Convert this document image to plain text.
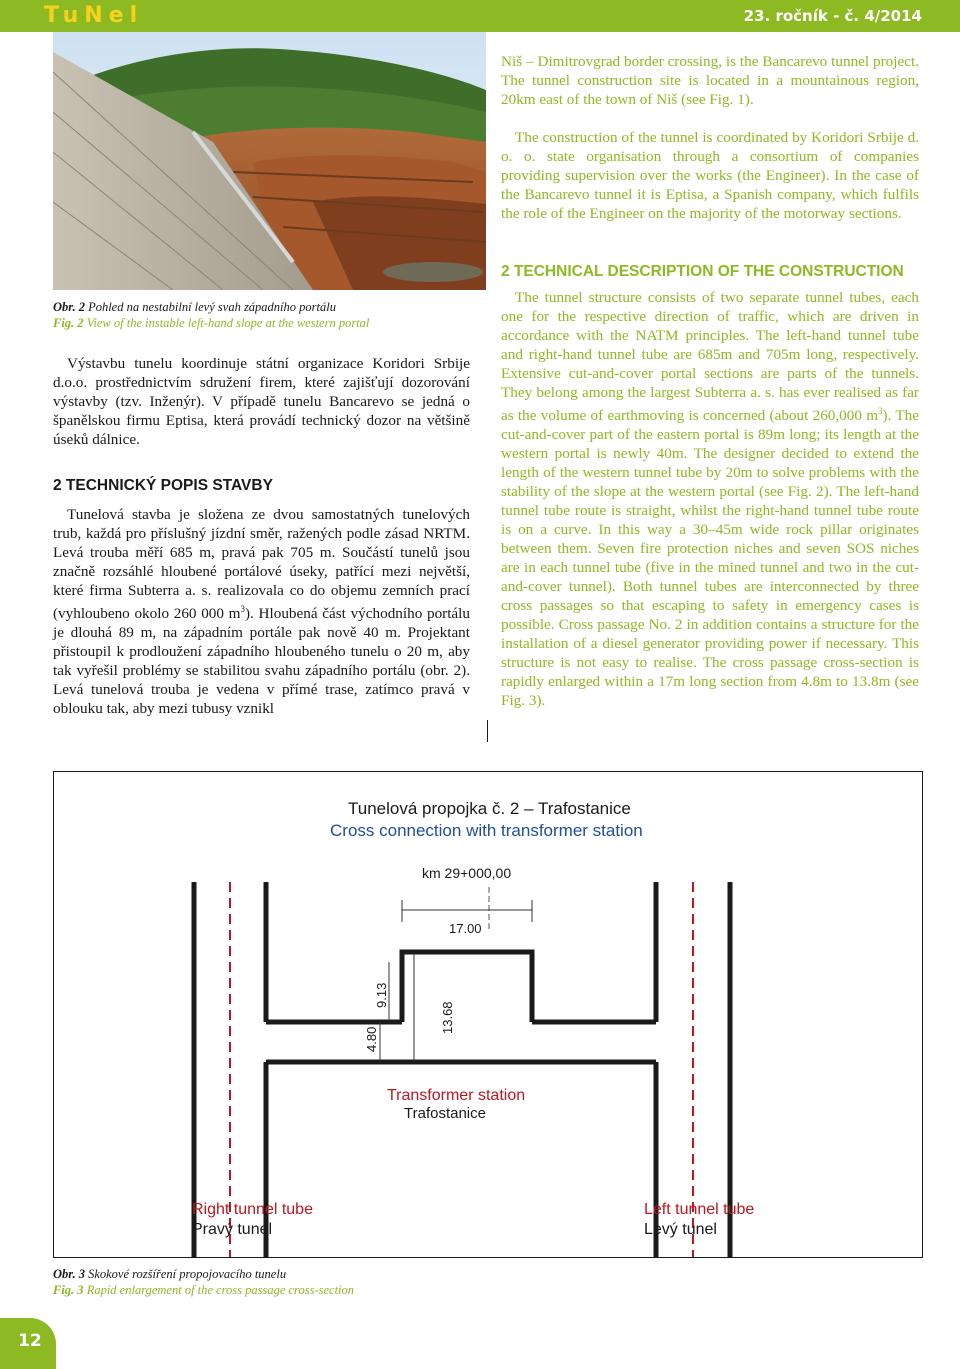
TuNel	23. ročník - č. 4/2014
Obr. 2 Pohled na nestabilní levý svah západního portálu
Fig. 2 View of the instable left-hand slope at the western portal

Výstavbu tunelu koordinuje státní organizace Koridori Srbije d.o.o. prostřednictvím sdružení firem, které zajišťují dozorování výstavby (tzv. Inženýr). V případě tunelu Bancarevo se jedná o španělskou firmu Eptisa, která provádí technický dozor na většině úseků dálnice.

2 TECHNICKÝ POPIS STAVBY

Tunelová stavba je složena ze dvou samostatných tunelových trub, každá pro příslušný jízdní směr, ražených podle zásad NRTM. Levá trouba měří 685 m, pravá pak 705 m. Součástí tunelů jsou značně rozsáhlé hloubené portálové úseky, patřící mezi největší, které firma Subterra a. s. realizovala co do objemu zemních prací (vyhloubeno okolo 260 000 $m^3$). Hloubená část východního portálu je dlouhá 89 m, na západním portále pak nově 40 m. Projektant přistoupil k prodloužení západního hloubeného tunelu o 20 m, aby tak vyřešil problémy se stabilitou svahu západního portálu (obr. 2). Levá tunelová trouba je vedena v přímé trase, zatímco pravá v oblouku tak, aby mezi tubusy vznikl

Niš – Dimitrovgrad border crossing, is the Bancarevo tunnel project. The tunnel construction site is located in a mountainous region, 20km east of the town of Niš (see Fig. 1).

The construction of the tunnel is coordinated by Koridori Srbije d. o. o. state organisation through a consortium of companies providing supervision over the works (the Engineer). In the case of the Bancarevo tunnel it is Eptisa, a Spanish company, which fulfils the role of the Engineer on the majority of the motorway sections.

2 TECHNICAL DESCRIPTION OF THE CONSTRUCTION

The tunnel structure consists of two separate tunnel tubes, each one for the respective direction of traffic, which are driven in accordance with the NATM principles. The left-hand tunnel tube and right-hand tunnel tube are 685m and 705m long, respectively. Extensive cut-and-cover portal sections are parts of the tunnels. They belong among the largest Subterra a. s. has ever realised as far as the volume of earthmoving is concerned (about 260,000 $m^3$). The cut-and-cover part of the eastern portal is 89m long; its length at the western portal is newly 40m. The designer decided to extend the length of the western tunnel tube by 20m to solve problems with the stability of the slope at the western portal (see Fig. 2). The left-hand tunnel tube route is straight, whilst the right-hand tunnel tube route is on a curve. In this way a 30–45m wide rock pillar originates between them. Seven fire protection niches and seven SOS niches are in each tunnel tube (five in the mined tunnel and two in the cut-and-cover tunnel). Both tunnel tubes are interconnected by three cross passages so that escaping to safety in emergency cases is possible. Cross passage No. 2 in addition contains a structure for the installation of a diesel generator providing power if necessary. This structure is not easy to realise. The cross passage cross-section is rapidly enlarged within a 17m long section from 4.8m to 13.8m (see Fig. 3).

Tunelová propojka č. 2 – Trafostanice
Cross connection with transformer station
km 29+000,00
17.00
9.13
4.80
13.68
Transformer station
Trafostanice
Right tunnel tube
Pravý tunel
Left tunnel tube
Levý tunel
Obr. 3 Skokové rozšíření propojovacího tunelu
Fig. 3 Rapid enlargement of the cross passage cross-section
12
